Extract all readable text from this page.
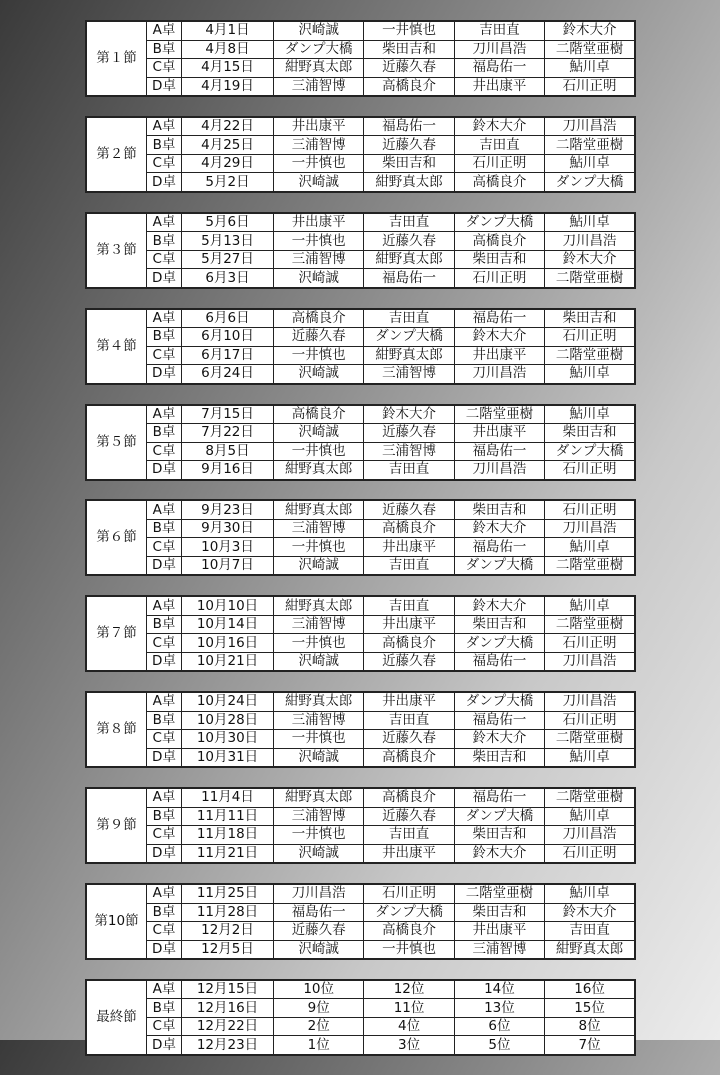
第１節	A卓	4月1日	沢崎誠	一井慎也	吉田直	鈴木大介
	B卓	4月8日	ダンプ大橋	柴田吉和	刀川昌浩	二階堂亜樹
	C卓	4月15日	紺野真太郎	近藤久春	福島佑一	鮎川卓
	D卓	4月19日	三浦智博	高橋良介	井出康平	石川正明
第２節	A卓	4月22日	井出康平	福島佑一	鈴木大介	刀川昌浩
	B卓	4月25日	三浦智博	近藤久春	吉田直	二階堂亜樹
	C卓	4月29日	一井慎也	柴田吉和	石川正明	鮎川卓
	D卓	5月2日	沢崎誠	紺野真太郎	高橋良介	ダンプ大橋
第３節	A卓	5月6日	井出康平	吉田直	ダンプ大橋	鮎川卓
	B卓	5月13日	一井慎也	近藤久春	高橋良介	刀川昌浩
	C卓	5月27日	三浦智博	紺野真太郎	柴田吉和	鈴木大介
	D卓	6月3日	沢崎誠	福島佑一	石川正明	二階堂亜樹
第４節	A卓	6月6日	高橋良介	吉田直	福島佑一	柴田吉和
	B卓	6月10日	近藤久春	ダンプ大橋	鈴木大介	石川正明
	C卓	6月17日	一井慎也	紺野真太郎	井出康平	二階堂亜樹
	D卓	6月24日	沢崎誠	三浦智博	刀川昌浩	鮎川卓
第５節	A卓	7月15日	高橋良介	鈴木大介	二階堂亜樹	鮎川卓
	B卓	7月22日	沢崎誠	近藤久春	井出康平	柴田吉和
	C卓	8月5日	一井慎也	三浦智博	福島佑一	ダンプ大橋
	D卓	9月16日	紺野真太郎	吉田直	刀川昌浩	石川正明
第６節	A卓	9月23日	紺野真太郎	近藤久春	柴田吉和	石川正明
	B卓	9月30日	三浦智博	高橋良介	鈴木大介	刀川昌浩
	C卓	10月3日	一井慎也	井出康平	福島佑一	鮎川卓
	D卓	10月7日	沢崎誠	吉田直	ダンプ大橋	二階堂亜樹
第７節	A卓	10月10日	紺野真太郎	吉田直	鈴木大介	鮎川卓
	B卓	10月14日	三浦智博	井出康平	柴田吉和	二階堂亜樹
	C卓	10月16日	一井慎也	高橋良介	ダンプ大橋	石川正明
	D卓	10月21日	沢崎誠	近藤久春	福島佑一	刀川昌浩
第８節	A卓	10月24日	紺野真太郎	井出康平	ダンプ大橋	刀川昌浩
	B卓	10月28日	三浦智博	吉田直	福島佑一	石川正明
	C卓	10月30日	一井慎也	近藤久春	鈴木大介	二階堂亜樹
	D卓	10月31日	沢崎誠	高橋良介	柴田吉和	鮎川卓
第９節	A卓	11月4日	紺野真太郎	高橋良介	福島佑一	二階堂亜樹
	B卓	11月11日	三浦智博	近藤久春	ダンプ大橋	鮎川卓
	C卓	11月18日	一井慎也	吉田直	柴田吉和	刀川昌浩
	D卓	11月21日	沢崎誠	井出康平	鈴木大介	石川正明
第10節	A卓	11月25日	刀川昌浩	石川正明	二階堂亜樹	鮎川卓
	B卓	11月28日	福島佑一	ダンプ大橋	柴田吉和	鈴木大介
	C卓	12月2日	近藤久春	高橋良介	井出康平	吉田直
	D卓	12月5日	沢崎誠	一井慎也	三浦智博	紺野真太郎
最終節	A卓	12月15日	10位	12位	14位	16位
	B卓	12月16日	9位	11位	13位	15位
	C卓	12月22日	2位	4位	6位	8位
	D卓	12月23日	1位	3位	5位	7位
